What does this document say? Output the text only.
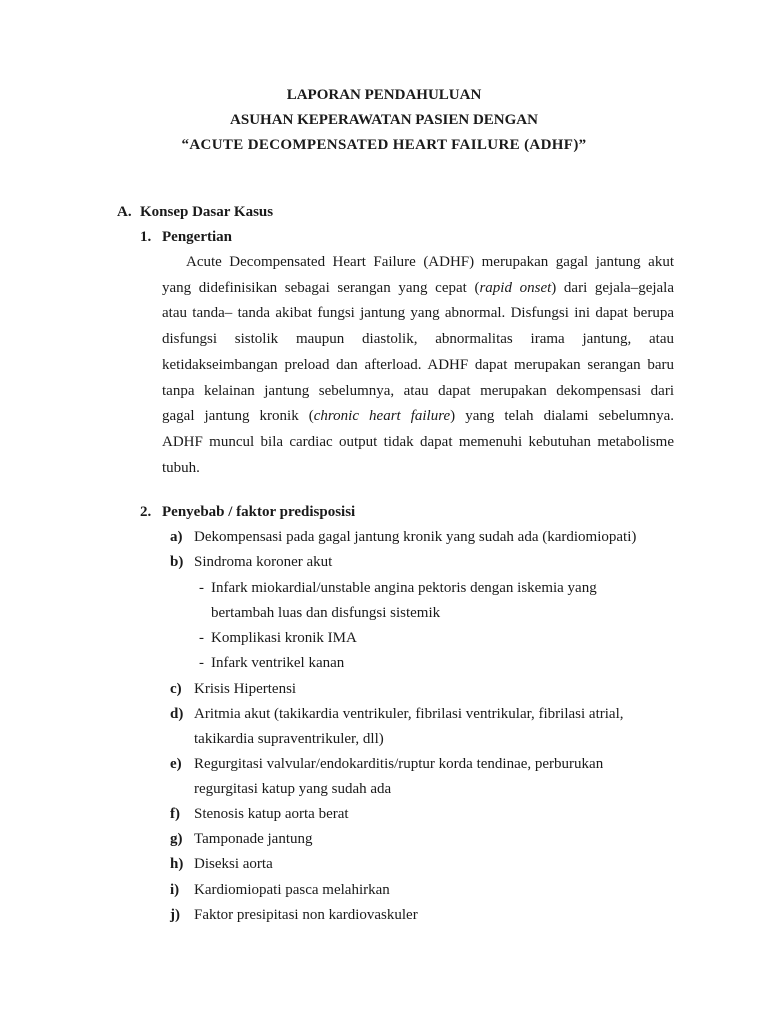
LAPORAN PENDAHULUAN
ASUHAN KEPERAWATAN PASIEN DENGAN
“ACUTE DECOMPENSATED HEART FAILURE (ADHF)”
A. Konsep Dasar Kasus
1. Pengertian
Acute Decompensated Heart Failure (ADHF) merupakan gagal jantung akut
yang didefinisikan sebagai serangan yang cepat (rapid onset) dari gejala–gejala
atau tanda– tanda akibat fungsi jantung yang abnormal. Disfungsi ini dapat berupa
disfungsi sistolik maupun diastolik, abnormalitas irama jantung, atau
ketidakseimbangan preload dan afterload. ADHF dapat merupakan serangan baru
tanpa kelainan jantung sebelumnya, atau dapat merupakan dekompensasi dari
gagal jantung kronik (chronic heart failure) yang telah dialami sebelumnya.
ADHF muncul bila cardiac output tidak dapat memenuhi kebutuhan metabolisme
tubuh.
2. Penyebab / faktor predisposisi
a) Dekompensasi pada gagal jantung kronik yang sudah ada (kardiomiopati)
b) Sindroma koroner akut
- Infark miokardial/unstable angina pektoris dengan iskemia yang
bertambah luas dan disfungsi sistemik
- Komplikasi kronik IMA
- Infark ventrikel kanan
c) Krisis Hipertensi
d) Aritmia akut (takikardia ventrikuler, fibrilasi ventrikular, fibrilasi atrial,
takikardia supraventrikuler, dll)
e) Regurgitasi valvular/endokarditis/ruptur korda tendinae, perburukan
regurgitasi katup yang sudah ada
f) Stenosis katup aorta berat
g) Tamponade jantung
h) Diseksi aorta
i) Kardiomiopati pasca melahirkan
j) Faktor presipitasi non kardiovaskuler
